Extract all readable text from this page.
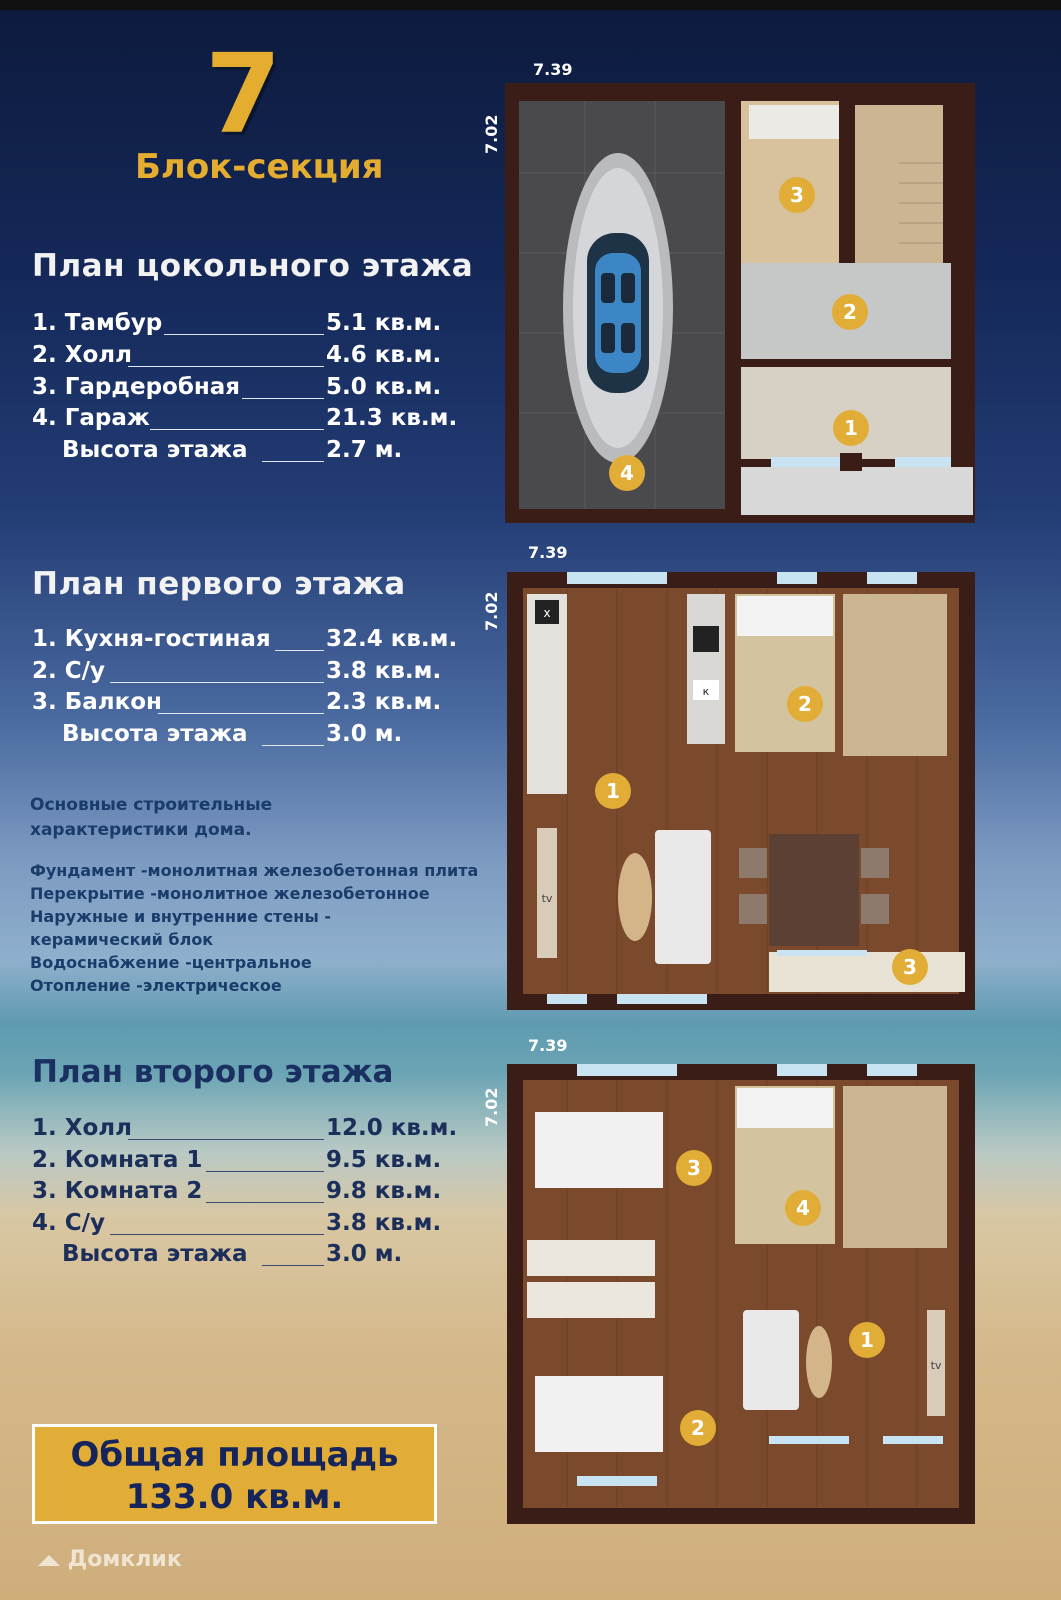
7
Блок-секция
План цокольного этажа
1. Тамбур	5.1 кв.м.
2. Холл	4.6 кв.м.
3. Гардеробная	5.0 кв.м.
4. Гараж	21.3 кв.м.
Высота этажа	2.7 м.
План первого этажа
1. Кухня-гостиная 32.4 кв.м.
2. С/у	3.8 кв.м.
3. Балкон	2.3 кв.м.
Высота этажа	3.0 м.
Основные строительные
характеристики дома.
Фундамент -монолитная железобетонная плита
Перекрытие -монолитное железобетонное
Наружные и внутренние стены -
керамический блок
Водоснабжение -центральное
Отопление -электрическое
План второго этажа
1. Холл	12.0 кв.м.
2. Комната 1	9.5 кв.м.
3. Комната 2	9.8 кв.м.
4. С/у	3.8 кв.м.
Высота этажа	3.0 м.
Общая площадь
133.0 кв.м.
7.39
7.02
7.39
7.02
7.39
7.02
4
3
2
1
x
к
tv
1
2
3
tv
1
2
3
4
Домклик
